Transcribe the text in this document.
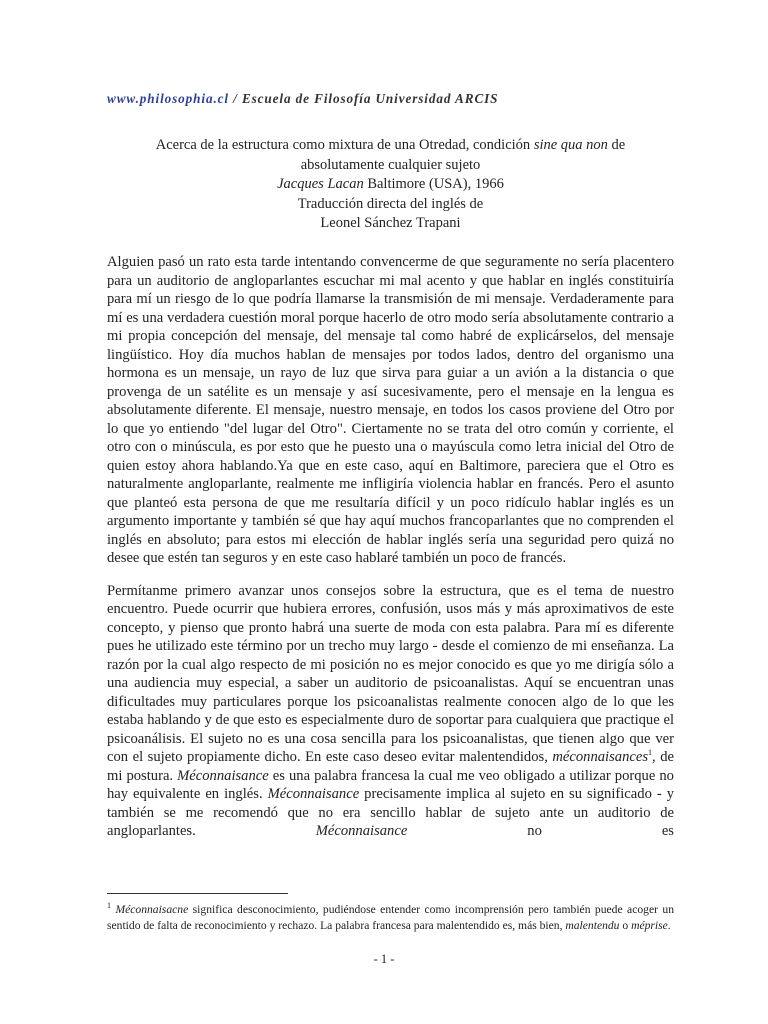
www.philosophia.cl / Escuela de Filosofía Universidad ARCIS
Acerca de la estructura como mixtura de una Otredad, condición sine qua non de
absolutamente cualquier sujeto
Jacques Lacan Baltimore (USA), 1966
Traducción directa del inglés de
Leonel Sánchez Trapani

Alguien pasó un rato esta tarde intentando convencerme de que seguramente no sería placentero para un auditorio de angloparlantes escuchar mi mal acento y que hablar en inglés constituiría para mí un riesgo de lo que podría llamarse la transmisión de mi mensaje. Verdaderamente para mí es una verdadera cuestión moral porque hacerlo de otro modo sería absolutamente contrario a mi propia concepción del mensaje, del mensaje tal como habré de explicárselos, del mensaje lingüístico. Hoy día muchos hablan de mensajes por todos lados, dentro del organismo una hormona es un mensaje, un rayo de luz que sirva para guiar a un avión a la distancia o que provenga de un satélite es un mensaje y así sucesivamente, pero el mensaje en la lengua es absolutamente diferente. El mensaje, nuestro mensaje, en todos los casos proviene del Otro por lo que yo entiendo "del lugar del Otro". Ciertamente no se trata del otro común y corriente, el otro con o minúscula, es por esto que he puesto una o mayúscula como letra inicial del Otro de quien estoy ahora hablando.Ya que en este caso, aquí en Baltimore, pareciera que el Otro es naturalmente angloparlante, realmente me infligiría violencia hablar en francés. Pero el asunto que planteó esta persona de que me resultaría difícil y un poco ridículo hablar inglés es un argumento importante y también sé que hay aquí muchos francoparlantes que no comprenden el inglés en absoluto; para estos mi elección de hablar inglés sería una seguridad pero quizá no desee que estén tan seguros y en este caso hablaré también un poco de francés.

Permítanme primero avanzar unos consejos sobre la estructura, que es el tema de nuestro encuentro. Puede ocurrir que hubiera errores, confusión, usos más y más aproximativos de este concepto, y pienso que pronto habrá una suerte de moda con esta palabra. Para mí es diferente pues he utilizado este término por un trecho muy largo - desde el comienzo de mi enseñanza. La razón por la cual algo respecto de mi posición no es mejor conocido es que yo me dirigía sólo a una audiencia muy especial, a saber un auditorio de psicoanalistas. Aquí se encuentran unas dificultades muy particulares porque los psicoanalistas realmente conocen algo de lo que les estaba hablando y de que esto es especialmente duro de soportar para cualquiera que practique el psicoanálisis. El sujeto no es una cosa sencilla para los psicoanalistas, que tienen algo que ver con el sujeto propiamente dicho. En este caso deseo evitar malentendidos, méconnaisances$^1$, de mi postura. Méconnaisance es una palabra francesa la cual me veo obligado a utilizar porque no hay equivalente en inglés. Méconnaisance precisamente implica al sujeto en su significado - y también se me recomendó que no era sencillo hablar de sujeto ante un auditorio de angloparlantes. Méconnaisance no es

$^1$ Méconnaisacne significa desconocimiento, pudiéndose entender como incomprensión pero también puede acoger un sentido de falta de reconocimiento y rechazo. La palabra francesa para malentendido es, más bien, malentendu o méprise.
- 1 -
